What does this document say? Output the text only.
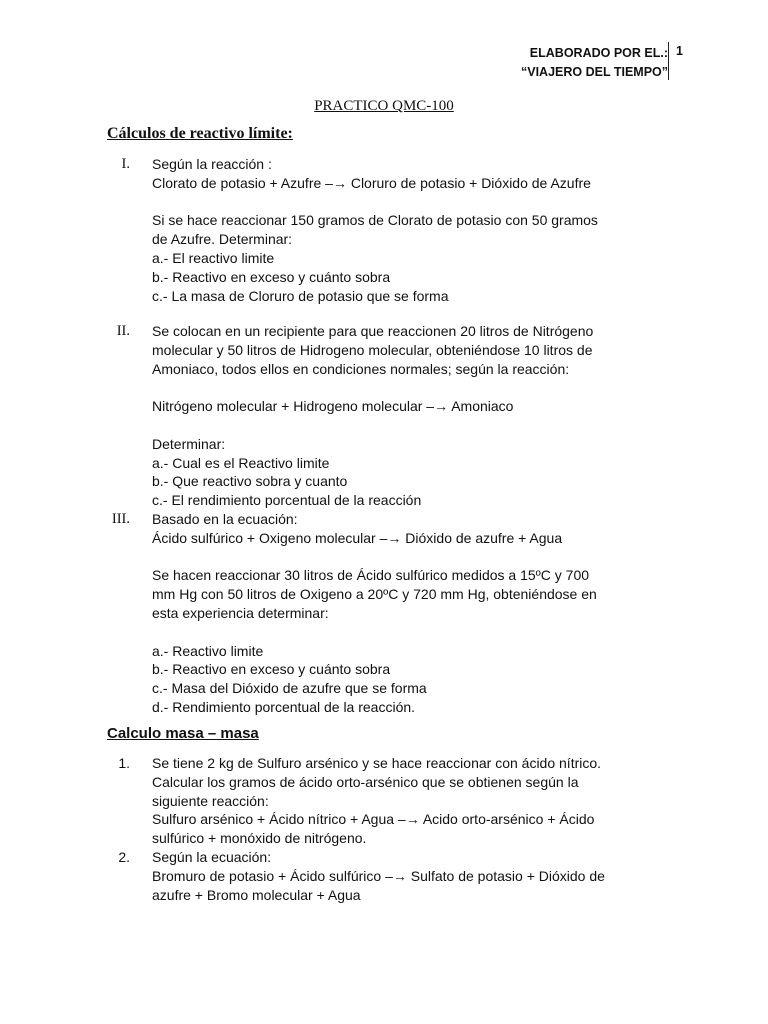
ELABORADO POR EL.:
“VIAJERO DEL TIEMPO”
1
PRACTICO QMC-100
Cálculos de reactivo límite:
I. Según la reacción :
Clorato de potasio + Azufre –→ Cloruro de potasio + Dióxido de Azufre
Si se hace reaccionar 150 gramos de Clorato de potasio con 50 gramos
de Azufre. Determinar:
a.- El reactivo limite
b.- Reactivo en exceso y cuánto sobra
c.- La masa de Cloruro de potasio que se forma
II. Se colocan en un recipiente para que reaccionen 20 litros de Nitrógeno
molecular y 50 litros de Hidrogeno molecular, obteniéndose 10 litros de
Amoniaco, todos ellos en condiciones normales; según la reacción:
Nitrógeno molecular + Hidrogeno molecular –→ Amoniaco
Determinar:
a.- Cual es el Reactivo limite
b.- Que reactivo sobra y cuanto
c.- El rendimiento porcentual de la reacción
III. Basado en la ecuación:
Ácido sulfúrico + Oxigeno molecular –→ Dióxido de azufre + Agua
Se hacen reaccionar 30 litros de Ácido sulfúrico medidos a 15ºC y 700
mm Hg con 50 litros de Oxigeno a 20ºC y 720 mm Hg, obteniéndose en
esta experiencia determinar:
a.- Reactivo limite
b.- Reactivo en exceso y cuánto sobra
c.- Masa del Dióxido de azufre que se forma
d.- Rendimiento porcentual de la reacción.
Calculo masa – masa
1. Se tiene 2 kg de Sulfuro arsénico y se hace reaccionar con ácido nítrico.
Calcular los gramos de ácido orto-arsénico que se obtienen según la
siguiente reacción:
Sulfuro arsénico + Ácido nítrico + Agua –→ Acido orto-arsénico + Ácido
sulfúrico + monóxido de nitrógeno.
2. Según la ecuación:
Bromuro de potasio + Ácido sulfúrico –→ Sulfato de potasio + Dióxido de
azufre + Bromo molecular + Agua
